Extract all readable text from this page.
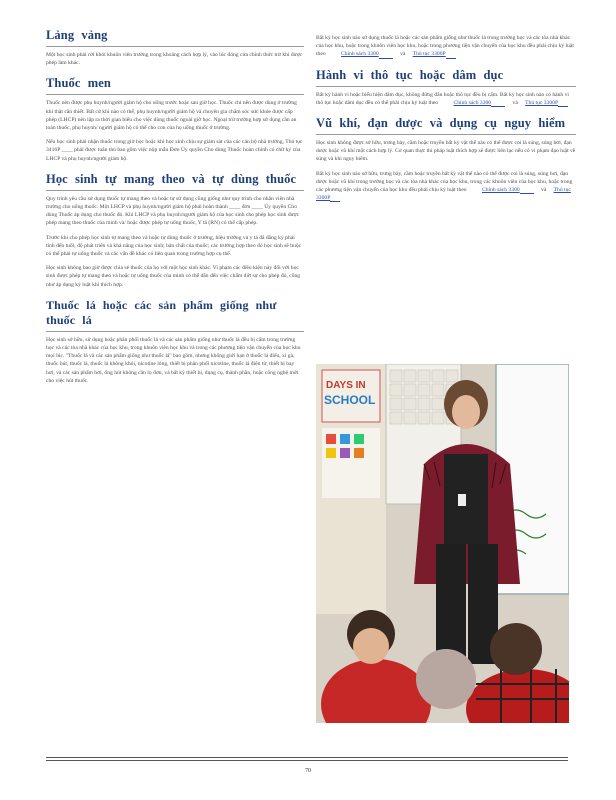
Lảng vảng

Một học sinh phải rời khỏi khuôn viên trường trong khoảng cách hợp lý, vào lúc đóng cửa chính thức trừ khi được phép làm khác.

Thuốc men

Thuốc nên được phụ huynh/người giám hộ cho uống trước hoặc sau giờ học. Thuốc chỉ nên được dùng ở trường khi thật cần thiết. Bất cứ khi nào có thể, phụ huynh/người giám hộ và chuyên gia chăm sóc sức khỏe được cấp phép (LHCP) nên lập ra thời gian biểu cho việc dùng thuốc ngoài giờ học. Ngoại trừ trường hợp sử dụng cần an toàn thuốc, phụ huynh/ người giám hộ có thể cho con của họ uống thuốc ở trường.

Nếu học sinh phải nhận thuốc trong giờ học hoặc khi học sinh chịu sự giám sát của các cán bộ nhà trường, Thủ tục 3416P ____ phải được tuân thủ bao gồm việc nộp mẫu Đơn Ủy quyền Cho dùng Thuốc hoàn chỉnh có chữ ký của LHCP và phụ huynh/người giám hộ.

Học sinh tự mang theo và tự dùng thuốc

Quy trình yêu cầu sử dụng thuốc tự mang theo và hoặc tự sử dụng cũng giống như quy trình cho nhân viên nhà trường cho uống thuốc. Một LHCP và phụ huynh/người giám hộ phải hoàn thành ____ đơn ____ Ủy quyền Cho dùng Thuốc áp dụng cho thuốc đó. Khi LHCP và phụ huynh/người giám hộ của học sinh cho phép học sinh được phép mang theo thuốc của mình và/ hoặc được phép tự uống thuốc, Y tá (RN) có thể cấp phép.

Trước khi cho phép học sinh tự mang theo và hoặc tự dùng thuốc ở trường, hiệu trưởng và y tá đã đăng ký phải tính đến tuổi, độ phát triển và khả năng của học sinh; bản chất của thuốc; các trường hợp theo đó học sinh sẽ buộc có thể phải tự uống thuốc và các vấn đề khác có liên quan trong trường hợp cụ thể.

Học sinh không bao giờ được chia sẻ thuốc của họ với một học sinh khác. Vi phạm các điều kiện này đối với học sinh được phép tự mang theo và hoặc tự uống thuốc của mình có thể dẫn đến việc chấm dứt sự cho phép đó, cũng như áp dụng kỷ luật khi thích hợp.

Thuốc lá hoặc các sản phẩm giống như thuốc lá

Học sinh sở hữu, sử dụng hoặc phân phối thuốc lá và các sản phẩm giống như thuốc lá đều bị cấm trong trường học và các tòa nhà khác của học khu, trong khuôn viên học khu và trong các phương tiện vận chuyển của học khu mọi lúc. "Thuốc lá và các sản phẩm giống như thuốc lá" bao gồm, nhưng không giới hạn ở thuốc lá điếu, xì gà, thuốc hút, thuốc lá, thuốc lá không khói, nicotine lỏng, thiết bị phân phối nicotine, thuốc lá điện tử, thiết bị bay hơi, và các sản phẩm hơi, ống hút không cần lọ đơn, và bất kỳ thiết bị, dụng cụ, thành phần, hoặc công nghệ mới cho việc hút thuốc.

Bất kỳ học sinh nào sử dụng thuốc lá hoặc các sản phẩm giống như thuốc lá trong trường học và các tòa nhà khác của học khu, hoặc trong khuôn viên học khu, hoặc trong phương tiện vận chuyển của học khu đều phải chịu kỷ luật theo	Chính sách 3300	và Thủ tục 3300P

Hành vi thô tục hoặc dâm dục

Bất kỳ hành vi hoặc biểu hiện dâm dục, không đứng đắn hoặc thô tục đều bị cấm. Bất kỳ học sinh nào có hành vi thô tục hoặc dâm dục đều có thể phải chịu kỷ luật theo	Chính sách 3300	và Thủ tục 3300P

Vũ khí, đạn dược và dụng cụ nguy hiểm

Học sinh không được sở hữu, trưng bày, cầm hoặc truyền bất kỳ vật thể nào có thể được coi là súng, súng hơi, đạn dược hoặc vũ khí một cách hợp lý. Cơ quan thực thi pháp luật thích hợp sẽ được liên lạc nếu có vi phạm đạo luật về súng và khi nguy hiểm.

Bất kỳ học sinh nào sở hữu, trưng bày, cầm hoặc truyền bất kỳ vật thể nào có thể được coi là súng, súng hơi, đạn dược hoặc vũ khí trong trường học và các tòa nhà khác của học khu, trong các khuôn viên của học khu, hoặc trong các phương tiện vận chuyển của học khu đều phải chịu kỷ luật theo	Chính sách 3300	và Thủ tục 3300P

DAYS IN
SCHOOL
70
